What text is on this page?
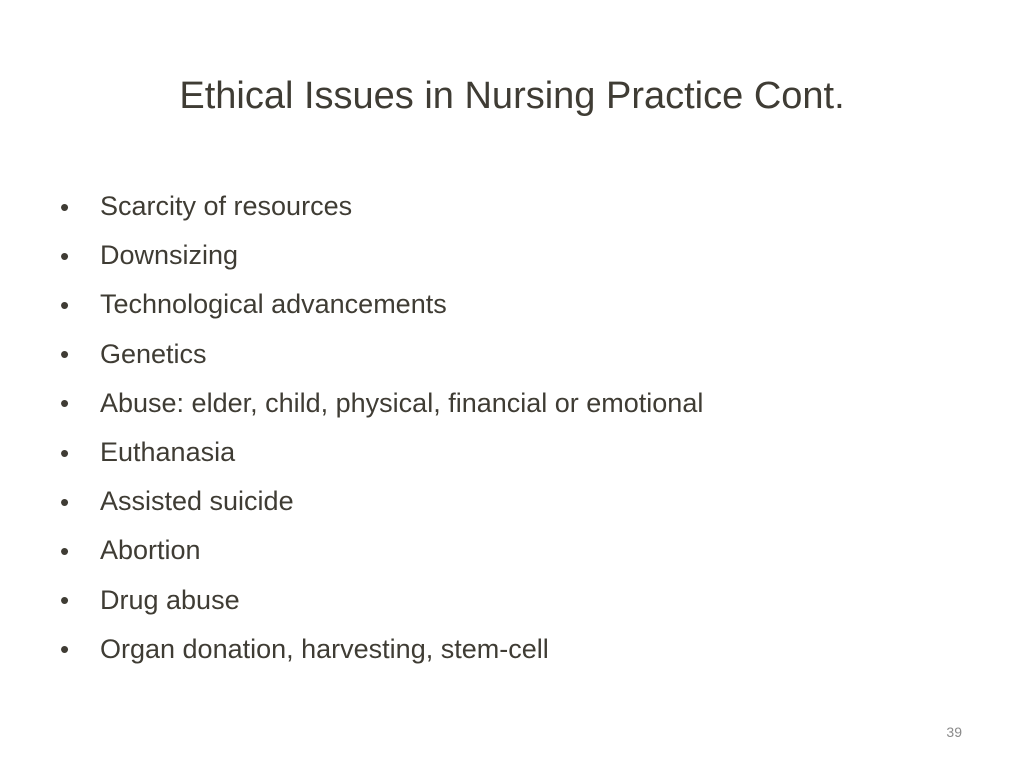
Ethical Issues in Nursing Practice Cont.
•	Scarcity of resources
•	Downsizing
•	Technological advancements
•	Genetics
•	Abuse: elder, child, physical, financial or emotional
•	Euthanasia
•	Assisted suicide
•	Abortion
•	Drug abuse
•	Organ donation, harvesting, stem-cell
39
